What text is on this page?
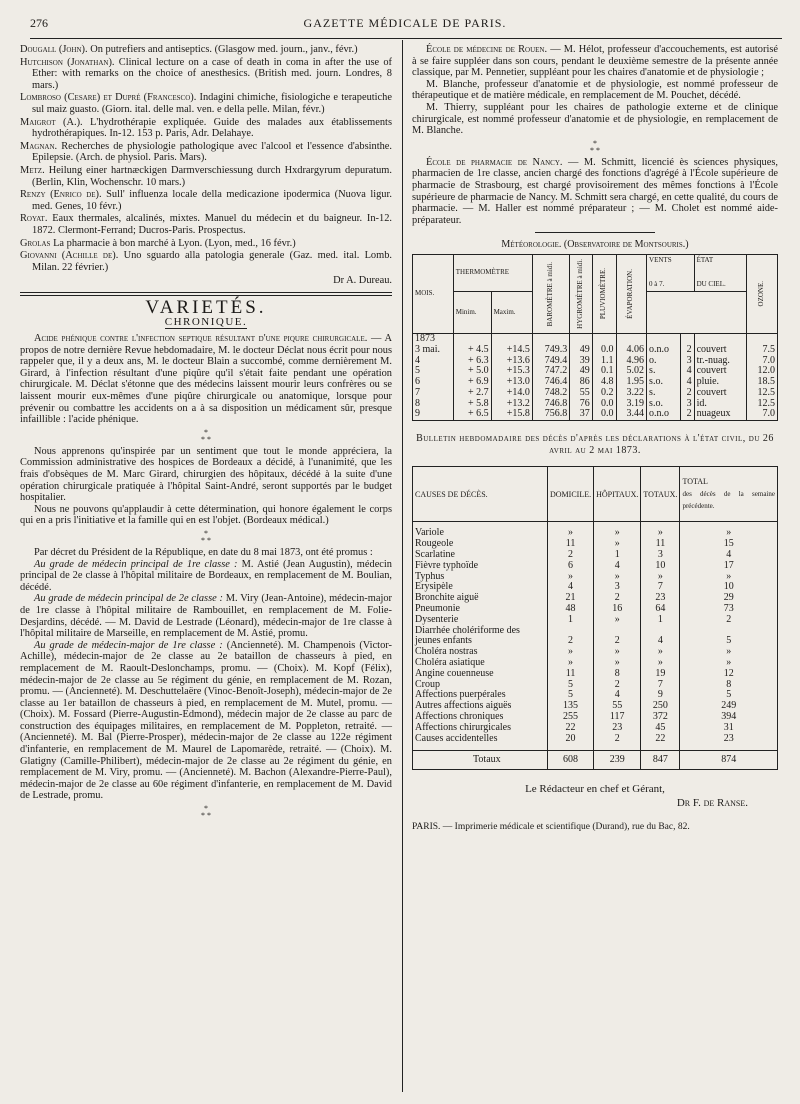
276	GAZETTE MÉDICALE DE PARIS.

Dougall (John). On putrefiers and antiseptics. (Glasgow med. journ., janv., févr.)

Hutchison (Jonathan). Clinical lecture on a case of death in coma in after the use of Ether: with remarks on the choice of anesthesics. (British med. journ. Londres, 8 mars.)

Lombroso (Cesare) et Dupré (Francesco). Indagini chimiche, fisiologiche e terapeutiche sul maiz guasto. (Giorn. ital. delle mal. ven. e della pelle. Milan, févr.)

Maigrot (A.). L'hydrothérapie expliquée. Guide des malades aux établissements hydrothérapiques. In-12. 153 p. Paris, Adr. Delahaye.

Magnan. Recherches de physiologie pathologique avec l'alcool et l'essence d'absinthe. Epilepsie. (Arch. de physiol. Paris. Mars).

Metz. Heilung einer hartnæckigen Darmverschiessung durch Hxdrargyrum depuratum. (Berlin, Klin, Wochenschr. 10 mars.)

Renzy (Enrico de). Sull' influenza locale della medicazione ipodermica (Nuova ligur. med. Genes, 10 févr.)

Royat. Eaux thermales, alcalinés, mixtes. Manuel du médecin et du baigneur. In-12. 1872. Clermont-Ferrand; Ducros-Paris. Prospectus.

Grolas La pharmacie à bon marché à Lyon. (Lyon, med., 16 févr.)

Giovanni (Achille de). Uno sguardo alla patologia generale (Gaz. med. ital. Lomb. Milan. 22 février.)

Dr A. Dureau.

VARIETÉS.

CHRONIQUE.

Acide phénique contre l'infection septique résultant d'une piqure chirurgicale. — A propos de notre dernière Revue hebdomadaire, M. le docteur Déclat nous écrit pour nous rappeler que, il y a deux ans, M. le docteur Blain a succombé, comme dernièrement M. Girard, à l'infection résultant d'une piqûre qu'il s'était faite pendant une opération chirurgicale. M. Déclat s'étonne que des médecins laissent mourir leurs confrères ou se laissent mourir eux-mêmes d'une piqûre chirurgicale ou anatomique, lorsque pour prévenir ou combattre les accidents on a à sa disposition un médicament sûr, presque infaillible : l'acide phénique.

*
* *

Nous apprenons qu'inspirée par un sentiment que tout le monde appréciera, la Commission administrative des hospices de Bordeaux a décidé, à l'unanimité, que les frais d'obsèques de M. Marc Girard, chirurgien des hôpitaux, décédé à la suite d'une opération chirurgicale pratiquée à l'hôpital Saint-André, seront supportés par le budget hospitalier.

Nous ne pouvons qu'applaudir à cette détermination, qui honore également le corps qui en a pris l'initiative et la famille qui en est l'objet. (Bordeaux médical.)

*
* *

Par décret du Président de la République, en date du 8 mai 1873, ont été promus :

Au grade de médecin principal de 1re classe : M. Astié (Jean Augustin), médecin principal de 2e classe à l'hôpital militaire de Bordeaux, en remplacement de M. Boulian, décédé.

Au grade de médecin principal de 2e classe : M. Viry (Jean-Antoine), médecin-major de 1re classe à l'hôpital militaire de Rambouillet, en remplacement de M. Folie-Desjardins, décédé. — M. David de Lestrade (Léonard), médecin-major de 1re classe à l'hôpital militaire de Marseille, en remplacement de M. Astié, promu.

Au grade de médecin-major de 1re classe : (Ancienneté). M. Champenois (Victor-Achille), médecin-major de 2e classe au 2e bataillon de chasseurs à pied, en remplacement de M. Raoult-Deslonchamps, promu. — (Choix). M. Kopf (Félix), médecin-major de 2e classe au 5e régiment du génie, en remplacement de M. Rozan, promu. — (Ancienneté). M. Deschuttelaëre (Vinoc-Benoît-Joseph), médecin-major de 2e classe au 1er bataillon de chasseurs à pied, en remplacement de M. Mutel, promu. — (Choix). M. Fossard (Pierre-Augustin-Edmond), médecin major de 2e classe au parc de construction des équipages militaires, en remplacement de M. Poppleton, retraité. — (Ancienneté). M. Bal (Pierre-Prosper), médecin-major de 2e classe au 122e régiment d'infanterie, en remplacement de M. Maurel de Lapomarède, retraité. — (Choix). M. Glatigny (Camille-Philibert), médecin-major de 2e classe au 2e régiment du génie, en remplacement de M. Viry, promu. — (Ancienneté). M. Bachon (Alexandre-Pierre-Paul), médecin-major de 2e classe au 60e régiment d'infanterie, en remplacement de M. David de Lestrade, promu.

*
* *

École de médecine de Rouen. — M. Hélot, professeur d'accouchements, est autorisé à se faire suppléer dans son cours, pendant le deuxième semestre de la présente année classique, par M. Pennetier, suppléant pour les chaires d'anatomie et de physiologie ;

M. Blanche, professeur d'anatomie et de physiologie, est nommé professeur de thérapeutique et de matière médicale, en remplacement de M. Pouchet, décédé.

M. Thierry, suppléant pour les chaires de pathologie externe et de clinique chirurgicale, est nommé professeur d'anatomie et de physiologie, en remplacement de M. Blanche.

*
* *

École de pharmacie de Nancy. — M. Schmitt, licencié ès sciences physiques, pharmacien de 1re classe, ancien chargé des fonctions d'agrégé à l'École supérieure de pharmacie de Strasbourg, est chargé provisoirement des mêmes fonctions à l'École supérieure de pharmacie de Nancy. M. Schmitt sera chargé, en cette qualité, du cours de pharmacie. — M. Haller est nommé préparateur ; — M. Cholet est nommé aide-préparateur.

Météorologie. (Observatoire de Montsouris.)

MOIS.	THERMOMÈTRE		BAROMÈTRE à midi.	HYGROMÈTRE à midi.	PLUVIOMÈTRE.	ÉVAPORATION.	VENTS

0 à 7.		ÉTAT

DU CIEL.	OZONE.

	Minim.	Maxim.								
1873										
3 mai.	+ 4.5	+14.5	749.3	49	0.0	4.06	o.n.o	2	couvert	7.5
4	+ 6.3	+13.6	749.4	39	1.1	4.96	o.	3	tr.-nuag.	7.0
5	+ 5.0	+15.3	747.2	49	0.1	5.02	s.	4	couvert	12.0
6	+ 6.9	+13.0	746.4	86	4.8	1.95	s.o.	4	pluie.	18.5
7	+ 2.7	+14.0	748.2	55	0.2	3.22	s.	2	couvert	12.5
8	+ 5.8	+13.2	746.8	76	0.0	3.19	s.o.	3	id.	12.5
9	+ 6.5	+15.8	756.8	37	0.0	3.44	o.n.o	2	nuageux	7.0

Bulletin hebdomadaire des décès d'après les déclarations à l'état civil, du 26 avril au 2 mai 1873.

CAUSES DE DÉCÈS.	DOMICILE.	HÔPITAUX.	TOTAUX.	TOTAL
des décès de la semaine précédente.

Variole	»	»	»	»
Rougeole	11	»	11	15
Scarlatine	2	1	3	4
Fièvre typhoïde	6	4	10	17
Typhus	»	»	»	»
Erysipèle	4	3	7	10
Bronchite aiguë	21	2	23	29
Pneumonie	48	16	64	73
Dysenterie	1	»	1	2
Diarrhée cholériforme des jeunes enfants	2	2	4	5
Choléra nostras	»	»	»	»
Choléra asiatique	»	»	»	»
Angine couenneuse	11	8	19	12
Croup	5	2	7	8
Affections puerpérales	5	4	9	5
Autres affections aiguës	135	55	250	249
Affections chroniques	255	117	372	394
Affections chirurgicales	22	23	45	31
Causes accidentelles	20	2	22	23

Totaux	608	239	847	874

Le Rédacteur en chef et Gérant,

Dr F. de Ranse.

PARIS. — Imprimerie médicale et scientifique (Durand), rue du Bac, 82.
